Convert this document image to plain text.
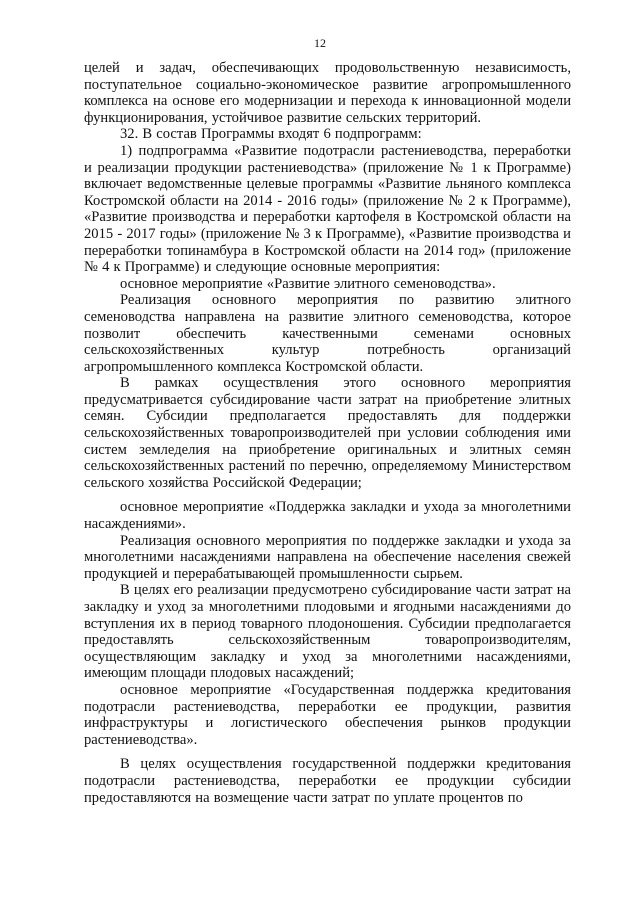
12

целей и задач, обеспечивающих продовольственную независимость, поступательное социально-экономическое развитие агропромышленного комплекса на основе его модернизации и перехода к инновационной модели функционирования, устойчивое развитие сельских территорий.

32. В состав Программы входят 6 подпрограмм:

1) подпрограмма «Развитие подотрасли растениеводства, переработки и реализации продукции растениеводства» (приложение № 1 к Программе) включает ведомственные целевые программы «Развитие льняного комплекса Костромской области на 2014 - 2016 годы» (приложение № 2 к Программе), «Развитие производства и переработки картофеля в Костромской области на 2015 - 2017 годы» (приложение № 3 к Программе), «Развитие производства и переработки топинамбура в Костромской области на 2014 год» (приложение № 4 к Программе) и следующие основные мероприятия:

основное мероприятие «Развитие элитного семеноводства».

Реализация основного мероприятия по развитию элитного семеноводства направлена на развитие элитного семеноводства, которое позволит обеспечить качественными семенами основных сельскохозяйственных культур потребность организаций агропромышленного комплекса Костромской области.

В рамках осуществления этого основного мероприятия предусматривается субсидирование части затрат на приобретение элитных семян. Субсидии предполагается предоставлять для поддержки сельскохозяйственных товаропроизводителей при условии соблюдения ими систем земледелия на приобретение оригинальных и элитных семян сельскохозяйственных растений по перечню, определяемому Министерством сельского хозяйства Российской Федерации;

основное мероприятие «Поддержка закладки и ухода за многолетними насаждениями».

Реализация основного мероприятия по поддержке закладки и ухода за многолетними насаждениями направлена на обеспечение населения свежей продукцией и перерабатывающей промышленности сырьем.

В целях его реализации предусмотрено субсидирование части затрат на закладку и уход за многолетними плодовыми и ягодными насаждениями до вступления их в период товарного плодоношения. Субсидии предполагается предоставлять сельскохозяйственным товаропроизводителям, осуществляющим закладку и уход за многолетними насаждениями, имеющим площади плодовых насаждений;

основное мероприятие «Государственная поддержка кредитования подотрасли растениеводства, переработки ее продукции, развития инфраструктуры и логистического обеспечения рынков продукции растениеводства».

В целях осуществления государственной поддержки кредитования подотрасли растениеводства, переработки ее продукции субсидии предоставляются на возмещение части затрат по уплате процентов по
